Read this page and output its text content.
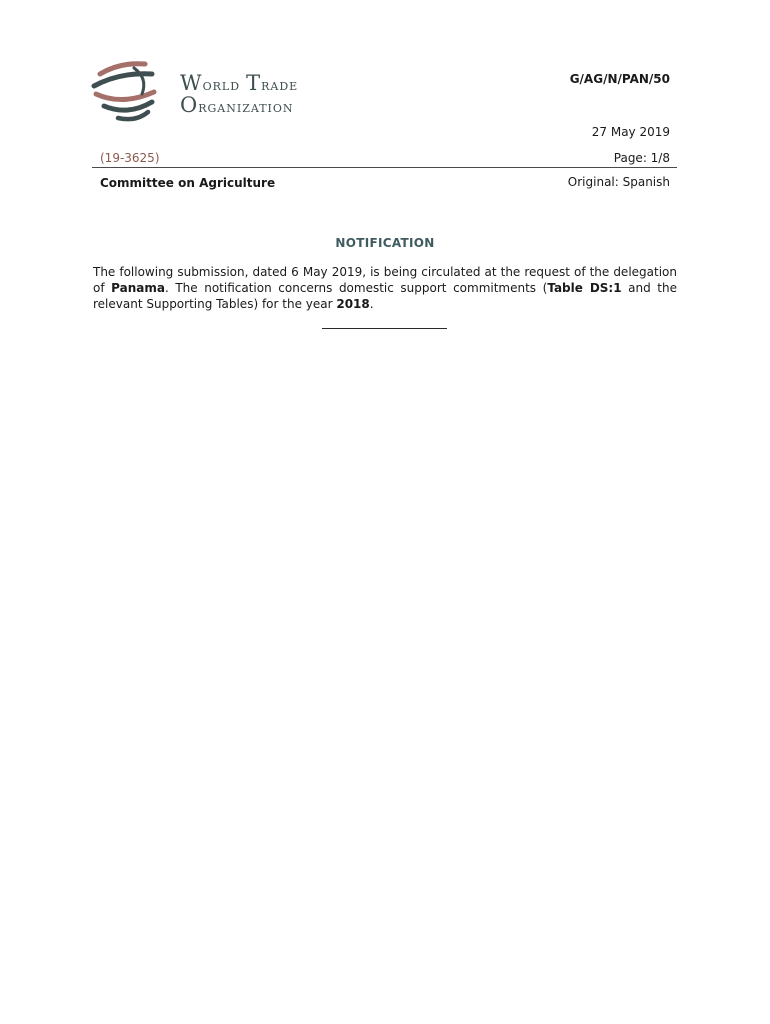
World Trade
Organization
G/AG/N/PAN/50
27 May 2019
(19-3625)	Page: 1/8
Committee on Agriculture	Original: Spanish
NOTIFICATION
The following submission, dated 6 May 2019, is being circulated at the request of the delegation of Panama. The notification concerns domestic support commitments (Table DS:1 and the relevant Supporting Tables) for the year 2018.
